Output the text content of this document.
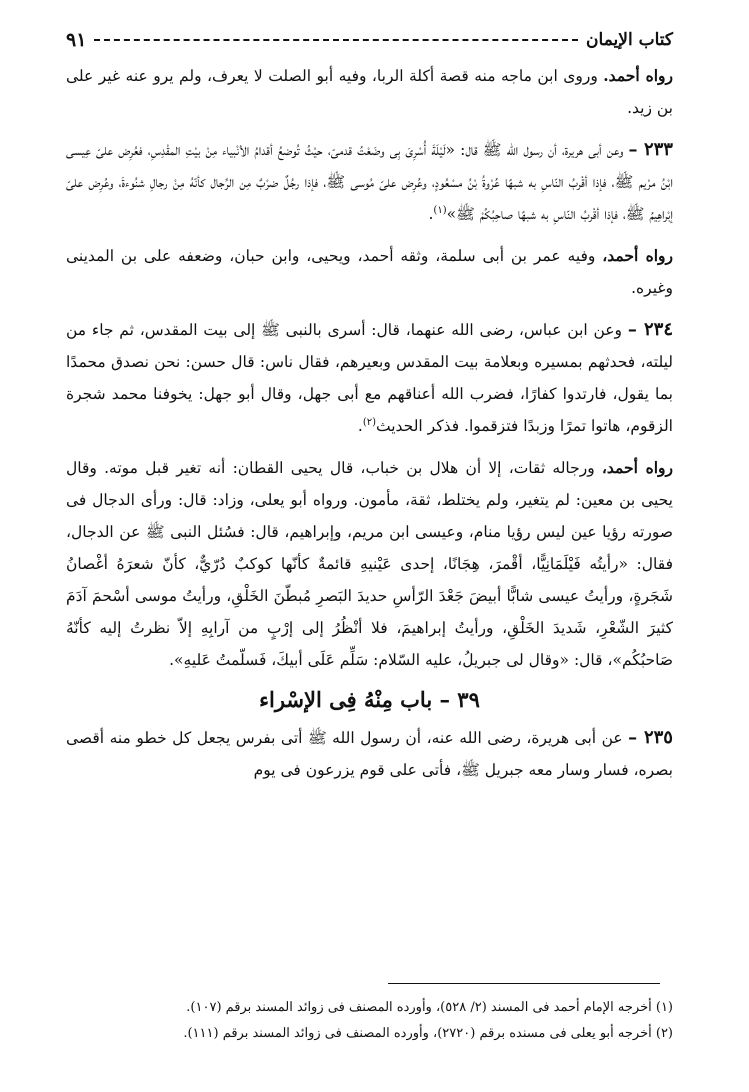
كتاب الإيمان
٩١

رواه أحمد. وروى ابن ماجه منه قصة أكلة الربا، وفيه أبو الصلت لا يعرف، ولم يرو عنه غير على بن زيد.

٢٣٣ – وعن أبى هريرة، أن رسول الله ﷺ قال: «لَيْلَةَ أُسْرِىَ بِى وضَعْتُ قدمىّ، حيْثُ تُوضعُ أقدامُ الأنْبياء مِنْ بيْتِ المقْدِسِ، فعُرِض علىّ عِيسى ابْنُ مرْيم ﷺ، فإذا أقْربُ النّاسِ به شبهًا عُرْوةُ بْنُ مسْعُودٍ، وعُرِض علىّ مُوسى ﷺ، فإذا رجُلٌ ضرْبٌ مِن الرِّجال كأنّهُ مِنْ رجالِ شنُوءةَ، وعُرِض علىّ إبْراهِيمُ ﷺ، فإذا أقْربُ النّاسِ به شبهًا صاحِبُكُمْ ﷺ»$^{(١)}$.

رواه أحمد، وفيه عمر بن أبى سلمة، وثقه أحمد، ويحيى، وابن حبان، وضعفه على بن المدينى وغيره.

٢٣٤ – وعن ابن عباس، رضى الله عنهما، قال: أسرى بالنبى ﷺ إلى بيت المقدس، ثم جاء من ليلته، فحدثهم بمسيره وبعلامة بيت المقدس وبعيرهم، فقال ناس: قال حسن: نحن نصدق محمدًا بما يقول، فارتدوا كفارًا، فضرب الله أعناقهم مع أبى جهل، وقال أبو جهل: يخوفنا محمد شجرة الزقوم، هاتوا تمرًا وزبدًا فتزقموا. فذكر الحديث$^{(٢)}$.

رواه أحمد، ورجاله ثقات، إلا أن هلال بن خباب، قال يحيى القطان: أنه تغير قبل موته. وقال يحيى بن معين: لم يتغير، ولم يختلط، ثقة، مأمون. ورواه أبو يعلى، وزاد: قال: ورأى الدجال فى صورته رؤيا عين ليس رؤيا منام، وعيسى ابن مريم، وإبراهيم، قال: فسُئل النبى ﷺ عن الدجال، فقال: «رأيتُه فَيْلَمَانِيًّا، أقْمرَ، هِجَانًا، إحدى عَيْنيهِ قائمةٌ كأنّها كوكبٌ دُرّيٌّ، كأنّ شعرَهُ أغْصانُ شَجَرةٍ، ورأيتُ عيسى شابًّا أبيضَ جَعْدَ الرّأسِ حديدَ البَصرِ مُبطّنَ الخَلْقِ، ورأيتُ موسى أسْحمَ آدَمَ كثيرَ الشّعْرِ، شَديدَ الخَلْقِ، ورأيتُ إبراهيمَ، فلا أنْظُرُ إلى إرْبٍ من آرابِهِ إلاّ نظرتُ إليه كأنّهُ صَاحبُكُم»، قال: «وقال لى جبريلُ، عليه السّلام: سَلِّم عَلَى أبيكَ، فَسلّمتُ عَليهِ».

٣٩ – باب مِنْهُ فِى الإسْراء

٢٣٥ – عن أبى هريرة، رضى الله عنه، أن رسول الله ﷺ أتى بفرس يجعل كل خطو منه أقصى بصره، فسار وسار معه جبريل ﷺ، فأتى على قوم يزرعون فى يوم

(١) أخرجه الإمام أحمد فى المسند (٢/ ٥٢٨)، وأورده المصنف فى زوائد المسند برقم (١٠٧).

(٢) أخرجه أبو يعلى فى مسنده برقم (٢٧٢٠)، وأورده المصنف فى زوائد المسند برقم (١١١).
